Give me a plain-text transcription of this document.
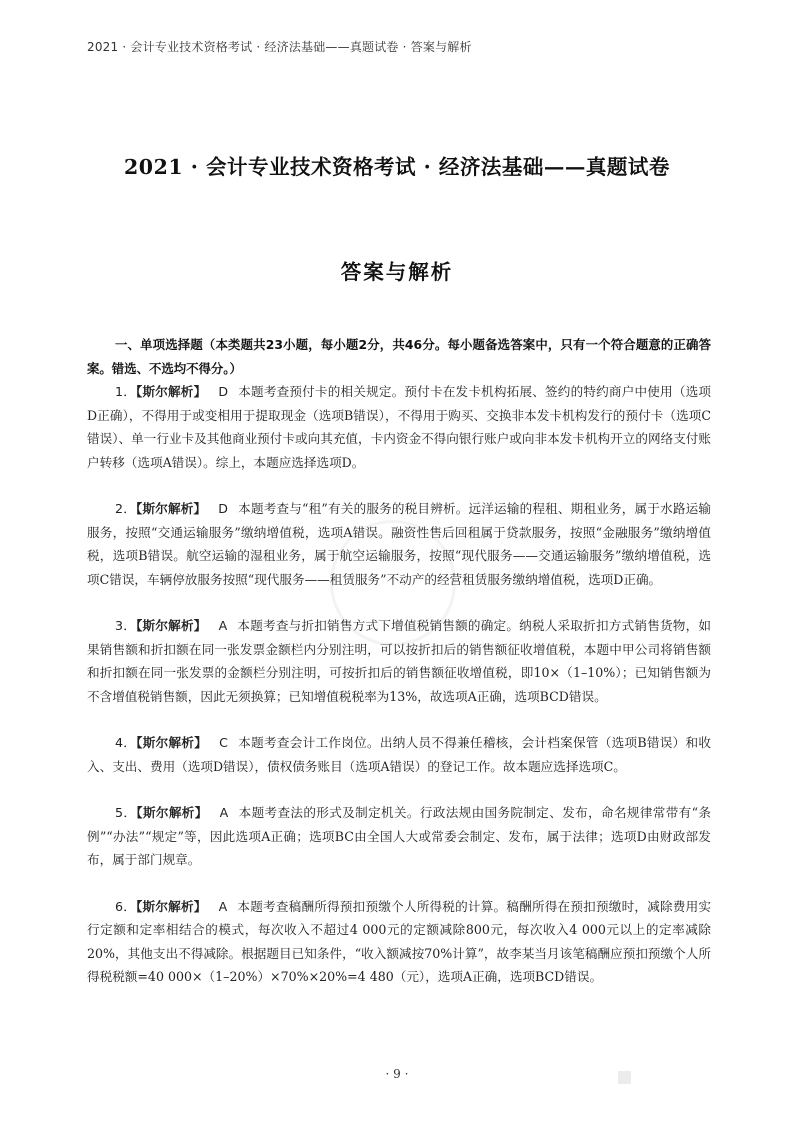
2021 · 会计专业技术资格考试 · 经济法基础——真题试卷 · 答案与解析
2021 · 会计专业技术资格考试 · 经济法基础——真题试卷
答案与解析

一、单项选择题（本类题共23小题，每小题2分，共46分。每小题备选答案中，只有一个符合题意的正确答案。错选、不选均不得分。）

1．【斯尔解析】 D 本题考查预付卡的相关规定。预付卡在发卡机构拓展、签约的特约商户中使用（选项D正确），不得用于或变相用于提取现金（选项B错误），不得用于购买、交换非本发卡机构发行的预付卡（选项C错误）、单一行业卡及其他商业预付卡或向其充值，卡内资金不得向银行账户或向非本发卡机构开立的网络支付账户转移（选项A错误）。综上，本题应选择选项D。

2．【斯尔解析】 D 本题考查与“租”有关的服务的税目辨析。远洋运输的程租、期租业务，属于水路运输服务，按照“交通运输服务”缴纳增值税，选项A错误。融资性售后回租属于贷款服务，按照“金融服务”缴纳增值税，选项B错误。航空运输的湿租业务，属于航空运输服务，按照“现代服务——交通运输服务”缴纳增值税，选项C错误，车辆停放服务按照“现代服务——租赁服务”不动产的经营租赁服务缴纳增值税，选项D正确。

3．【斯尔解析】 A 本题考查与折扣销售方式下增值税销售额的确定。纳税人采取折扣方式销售货物，如果销售额和折扣额在同一张发票金额栏内分别注明，可以按折扣后的销售额征收增值税，本题中甲公司将销售额和折扣额在同一张发票的金额栏分别注明，可按折扣后的销售额征收增值税，即10×（1–10%）；已知销售额为不含增值税销售额，因此无须换算；已知增值税税率为13%，故选项A正确，选项BCD错误。

4．【斯尔解析】 C 本题考查会计工作岗位。出纳人员不得兼任稽核，会计档案保管（选项B错误）和收入、支出、费用（选项D错误），债权债务账目（选项A错误）的登记工作。故本题应选择选项C。

5．【斯尔解析】 A 本题考查法的形式及制定机关。行政法规由国务院制定、发布，命名规律常带有“条例”“办法”“规定”等，因此选项A正确；选项BC由全国人大或常委会制定、发布，属于法律；选项D由财政部发布，属于部门规章。

6．【斯尔解析】 A 本题考查稿酬所得预扣预缴个人所得税的计算。稿酬所得在预扣预缴时，减除费用实行定额和定率相结合的模式，每次收入不超过4 000元的定额减除800元，每次收入4 000元以上的定率减除20%，其他支出不得减除。根据题目已知条件，“收入额减按70%计算”，故李某当月该笔稿酬应预扣预缴个人所得税税额=40 000×（1–20%）×70%×20%=4 480（元），选项A正确，选项BCD错误。

· 9 ·
